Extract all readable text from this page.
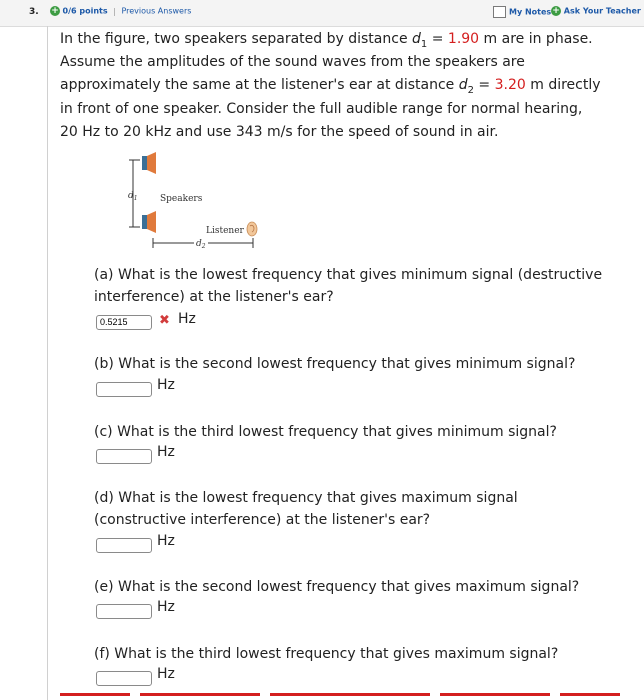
3. + 0/6 points | Previous Answers	My Notes + Ask Your Teacher
In the figure, two speakers separated by distance $d_1 = 1.90$ m are in phase.
Assume the amplitudes of the sound waves from the speakers are
approximately the same at the listener's ear at distance $d_2 = 3.20$ m directly
in front of one speaker. Consider the full audible range for normal hearing,
20 Hz to 20 kHz and use 343 m/s for the speed of sound in air.
$d_1$ Speakers
Listener
$d_2$
(a) What is the lowest frequency that gives minimum signal (destructive
interference) at the listener's ear?
0.5215
✖ Hz
(b) What is the second lowest frequency that gives minimum signal?
Hz
(c) What is the third lowest frequency that gives minimum signal?
Hz
(d) What is the lowest frequency that gives maximum signal
(constructive interference) at the listener's ear?
Hz
(e) What is the second lowest frequency that gives maximum signal?
Hz
(f) What is the third lowest frequency that gives maximum signal?
Hz
